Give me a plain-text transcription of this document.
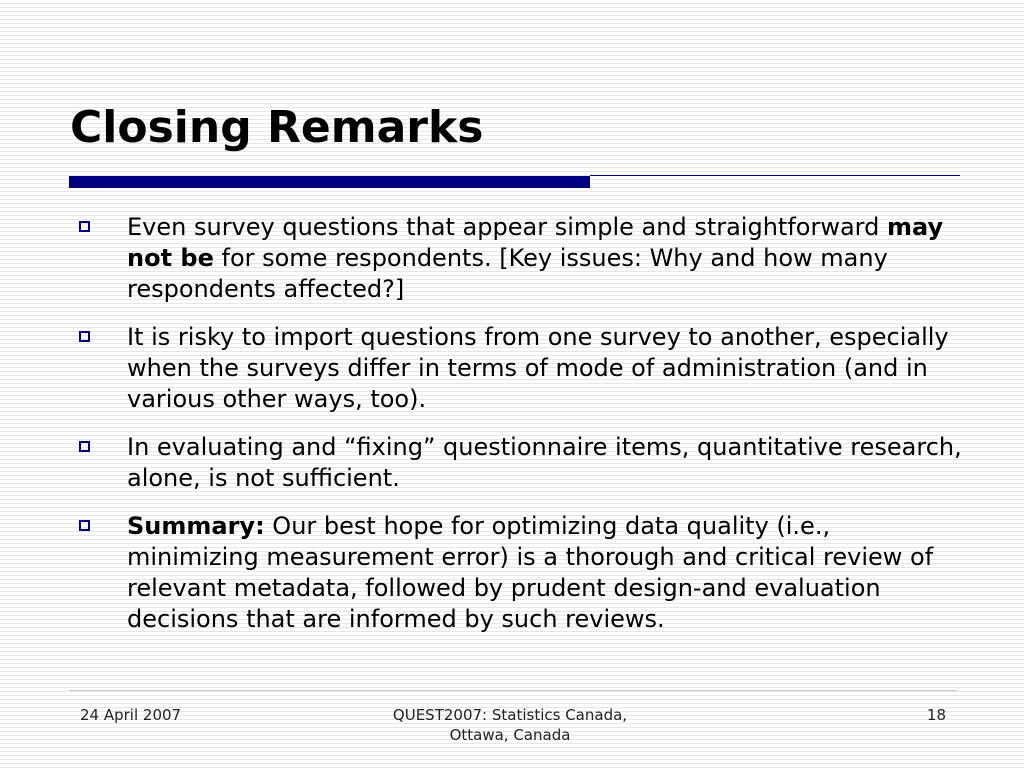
Closing Remarks
Even survey questions that appear simple and straightforward may not be for some respondents. [Key issues: Why and how many respondents affected?]
It is risky to import questions from one survey to another, especially when the surveys differ in terms of mode of administration (and in various other ways, too).
In evaluating and “fixing” questionnaire items, quantitative research, alone, is not sufficient.
Summary: Our best hope for optimizing data quality (i.e., minimizing measurement error) is a thorough and critical review of relevant metadata, followed by prudent design-and evaluation decisions that are informed by such reviews.
24 April 2007	QUEST2007: Statistics Canada,
Ottawa, Canada
18
